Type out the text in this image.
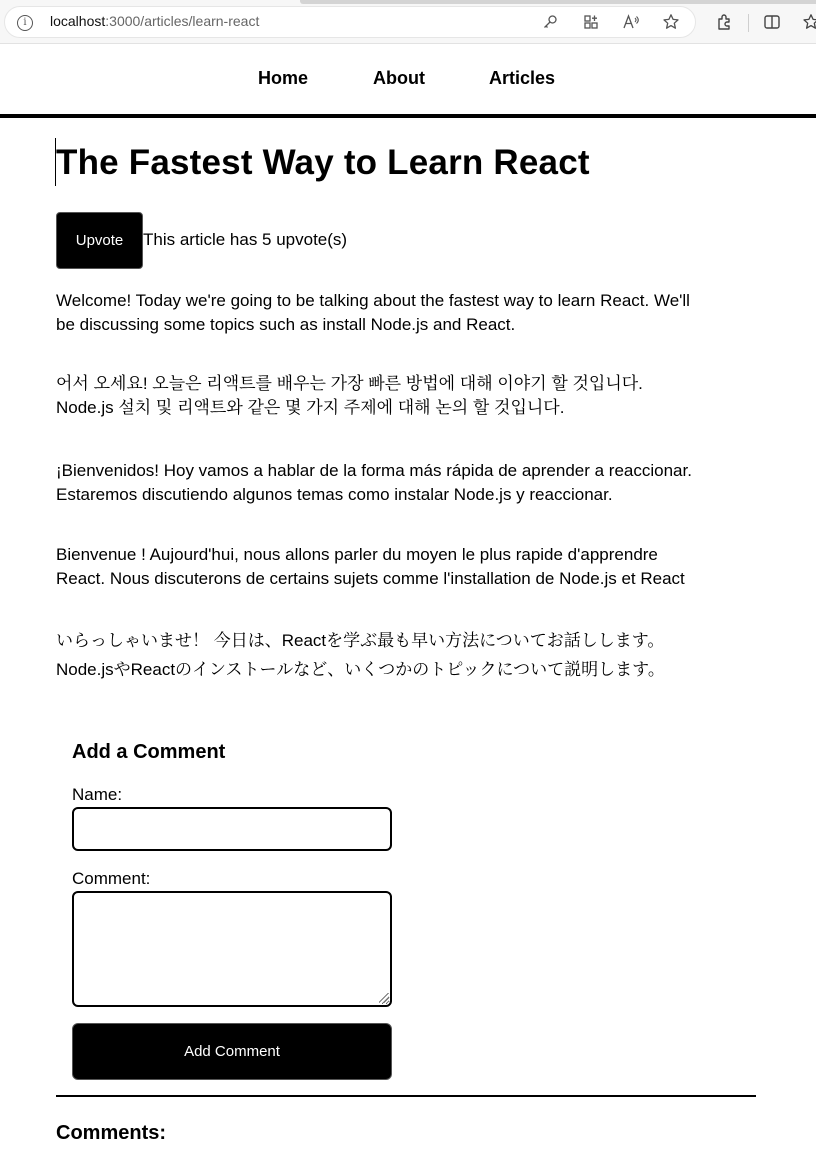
i	localhost:3000/articles/learn-react
Home	About	Articles
The Fastest Way to Learn React
Upvote	This article has 5 upvote(s)

Welcome! Today we're going to be talking about the fastest way to learn React. We'll
be discussing some topics such as install Node.js and React.

어서 오세요! 오늘은 리액트를 배우는 가장 빠른 방법에 대해 이야기 할 것입니다.
Node.js 설치 및 리액트와 같은 몇 가지 주제에 대해 논의 할 것입니다.

¡Bienvenidos! Hoy vamos a hablar de la forma más rápida de aprender a reaccionar.
Estaremos discutiendo algunos temas como instalar Node.js y reaccionar.

Bienvenue ! Aujourd'hui, nous allons parler du moyen le plus rapide d'apprendre
React. Nous discuterons de certains sujets comme l'installation de Node.js et React

いらっしゃいませ！ 今日は、Reactを学ぶ最も早い方法についてお話しします。
Node.jsやReactのインストールなど、いくつかのトピックについて説明します。

Add a Comment
Name:
Comment:
Add Comment
Comments:
